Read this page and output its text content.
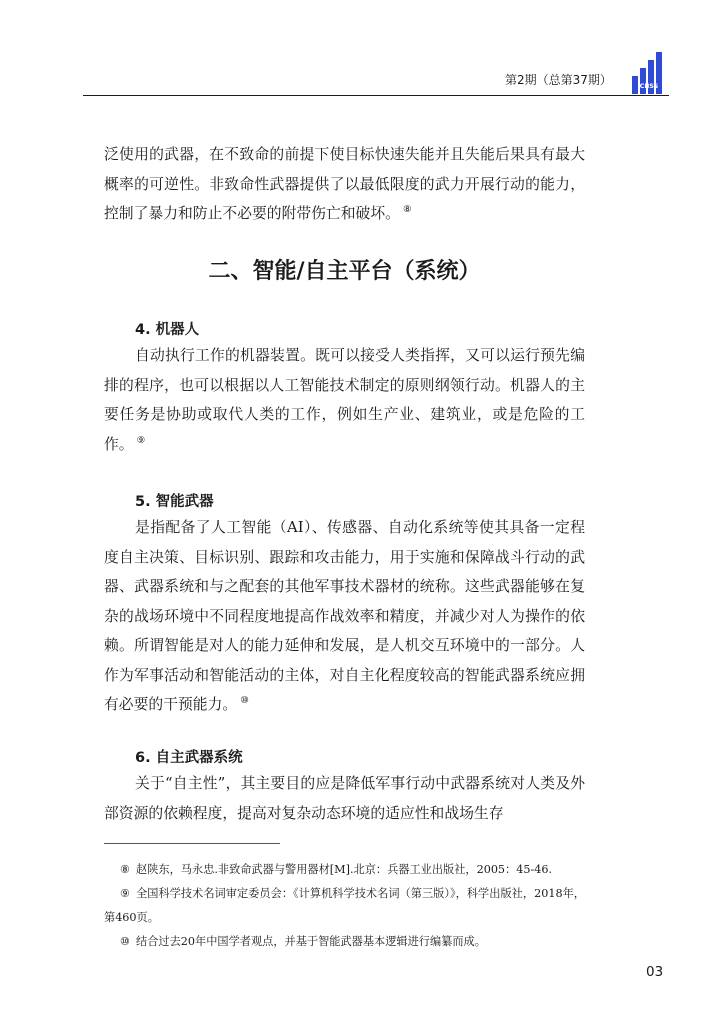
第2期（总第37期）	CIISS

泛使用的武器，在不致命的前提下使目标快速失能并且失能后果具有最大概率的可逆性。非致命性武器提供了以最低限度的武力开展行动的能力，控制了暴力和防止不必要的附带伤亡和破坏。 ⑧

二、智能/自主平台（系统）
4. 机器人

自动执行工作的机器装置。既可以接受人类指挥，又可以运行预先编排的程序，也可以根据以人工智能技术制定的原则纲领行动。机器人的主要任务是协助或取代人类的工作，例如生产业、建筑业，或是危险的工作。 ⑨

5. 智能武器

是指配备了人工智能（AI）、传感器、自动化系统等使其具备一定程度自主决策、目标识别、跟踪和攻击能力，用于实施和保障战斗行动的武器、武器系统和与之配套的其他军事技术器材的统称。这些武器能够在复杂的战场环境中不同程度地提高作战效率和精度，并减少对人为操作的依赖。所谓智能是对人的能力延伸和发展，是人机交互环境中的一部分。人作为军事活动和智能活动的主体，对自主化程度较高的智能武器系统应拥有必要的干预能力。 ⑩

6. 自主武器系统

关于“自主性”，其主要目的应是降低军事行动中武器系统对人类及外部资源的依赖程度，提高对复杂动态环境的适应性和战场生存

⑧ 赵陕东，马永忠.非致命武器与警用器材[M].北京：兵器工业出版社，2005：45-46.

⑨ 全国科学技术名词审定委员会：《计算机科学技术名词（第三版）》，科学出版社，2018年，第460页。

⑩ 结合过去20年中国学者观点，并基于智能武器基本逻辑进行编纂而成。

03
